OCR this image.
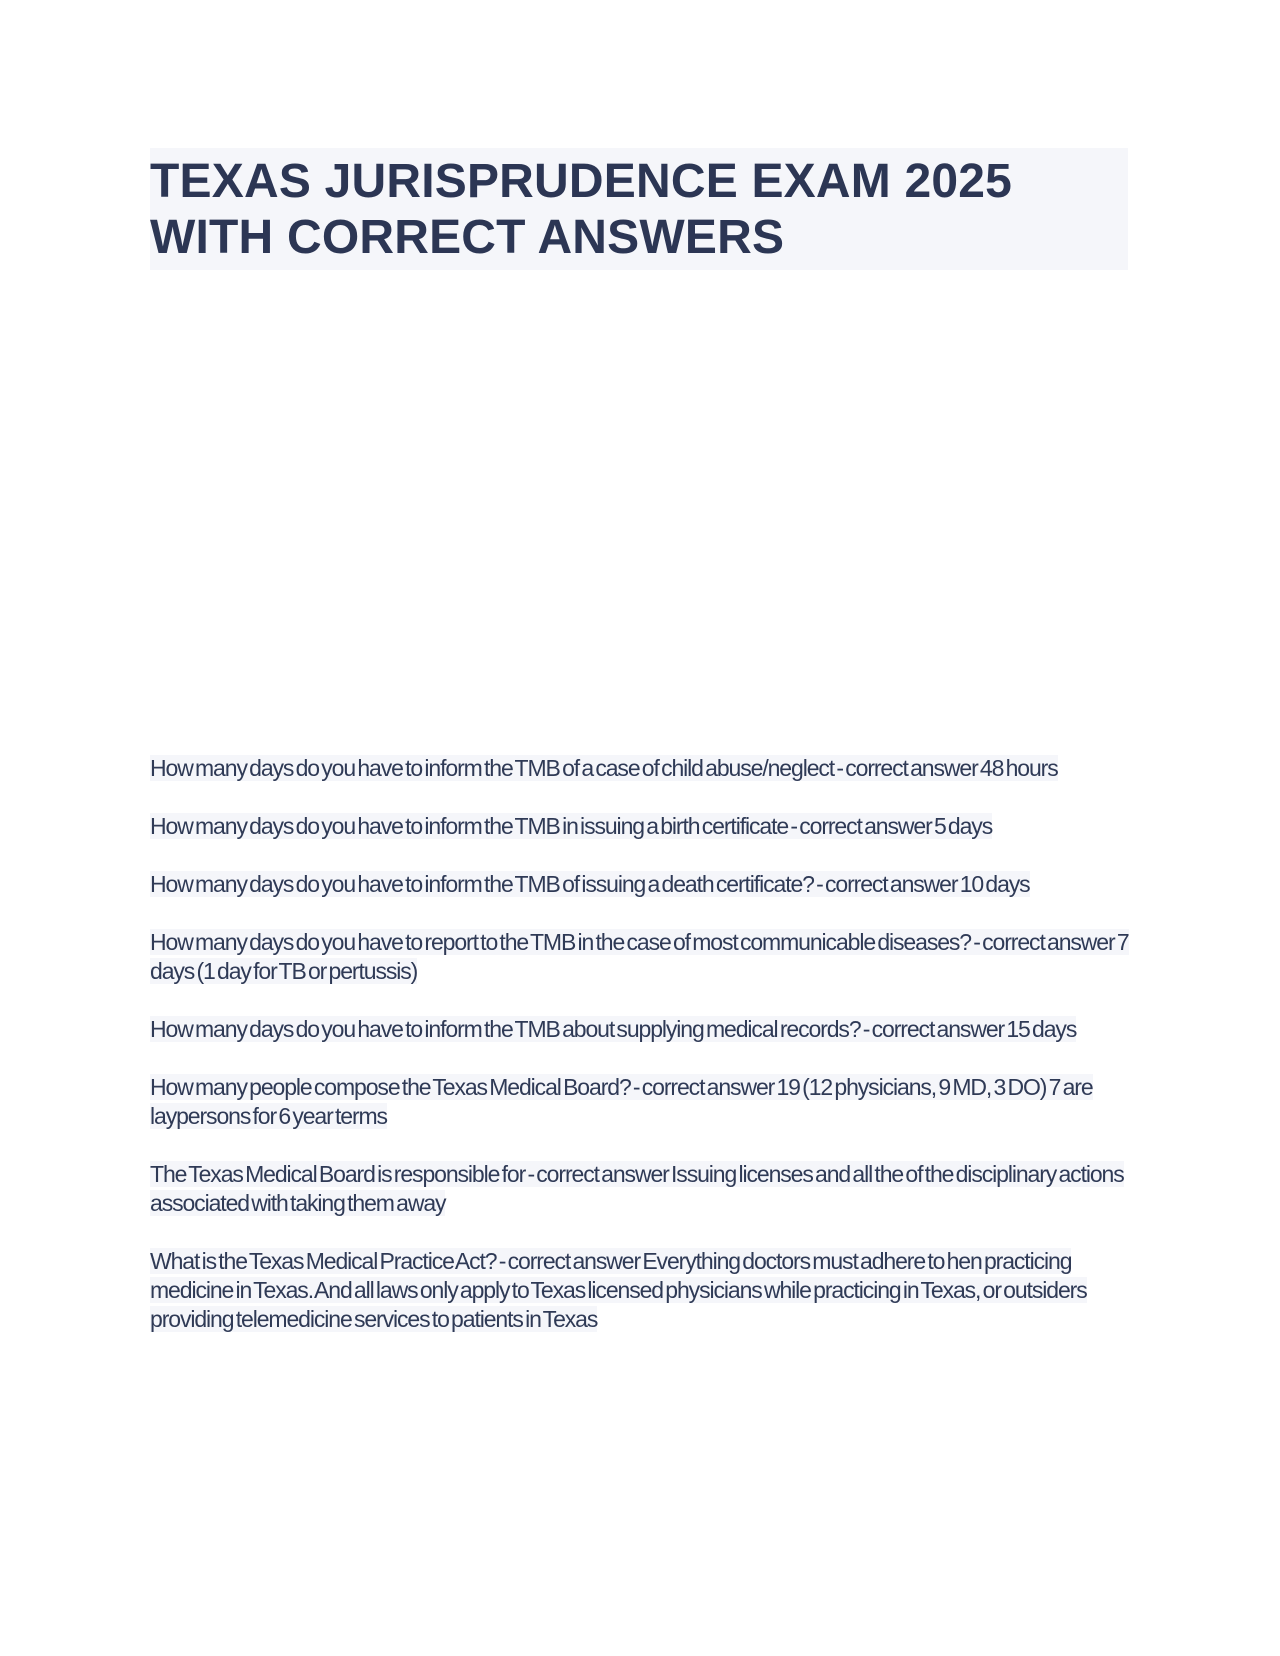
TEXAS JURISPRUDENCE EXAM 2025
WITH CORRECT ANSWERS

How many days do you have to inform the TMB of a case of child abuse/neglect - correct answer 48 hours

How many days do you have to inform the TMB in issuing a birth certificate - correct answer 5 days

How many days do you have to inform the TMB of issuing a death certificate? - correct answer 10 days

How many days do you have to report to the TMB in the case of most communicable diseases? - correct answer 7 days (1 day for TB or pertussis)

How many days do you have to inform the TMB about supplying medical records? - correct answer 15 days

How many people compose the Texas Medical Board? - correct answer 19 (12 physicians, 9 MD, 3 DO) 7 are laypersons for 6 year terms

The Texas Medical Board is responsible for - correct answer Issuing licenses and all the of the disciplinary actions associated with taking them away

What is the Texas Medical Practice Act? - correct answer Everything doctors must adhere to hen practicing medicine in Texas. And all laws only apply to Texas licensed physicians while practicing in Texas, or outsiders providing telemedicine services to patients in Texas
